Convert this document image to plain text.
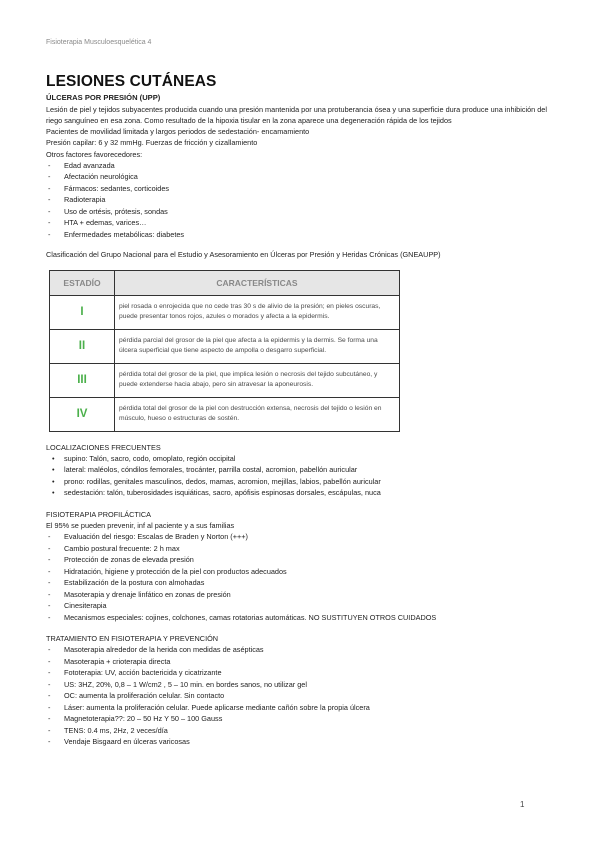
Fisioterapia Musculoesquelética 4
LESIONES CUTÁNEAS
ÚLCERAS POR PRESIÓN (UPP)

Lesión de piel y tejidos subyacentes producida cuando una presión mantenida por una protuberancia ósea y una superficie dura produce una inhibición del riego sanguíneo en esa zona. Como resultado de la hipoxia tisular en la zona aparece una degeneración rápida de los tejidos

Pacientes de movilidad limitada y largos periodos de sedestación- encamamiento

Presión capilar: 6 y 32 mmHg. Fuerzas de fricción y cizallamiento

Otros factores favorecedores:

- Edad avanzada
- Afectación neurológica
- Fármacos: sedantes, corticoides
- Radioterapia
- Uso de ortésis, prótesis, sondas
- HTA + edemas, varices…
- Enfermedades metabólicas: diabetes

Clasificación del Grupo Nacional para el Estudio y Asesoramiento en Úlceras por Presión y Heridas Crónicas (GNEAUPP)

ESTADÍO	CARACTERÍSTICAS
I	piel rosada o enrojecida que no cede tras 30 s de alivio de la presión; en pieles oscuras, puede presentar tonos rojos, azules o morados y afecta a la epidermis.
II	pérdida parcial del grosor de la piel que afecta a la epidermis y la dermis. Se forma una úlcera superficial que tiene aspecto de ampolla o desgarro superficial.
III	pérdida total del grosor de la piel, que implica lesión o necrosis del tejido subcutáneo, y puede extenderse hacia abajo, pero sin atravesar la aponeurosis.
IV	pérdida total del grosor de la piel con destrucción extensa, necrosis del tejido o lesión en músculo, hueso o estructuras de sostén.
LOCALIZACIONES FRECUENTES
• supino: Talón, sacro, codo, omoplato, región occipital
• lateral: maléolos, cóndilos femorales, trocánter, parrilla costal, acromion, pabellón auricular
• prono: rodillas, genitales masculinos, dedos, mamas, acromion, mejillas, labios, pabellón auricular
• sedestación: talón, tuberosidades isquiáticas, sacro, apófisis espinosas dorsales, escápulas, nuca
FISIOTERAPIA PROFILÁCTICA

El 95% se pueden prevenir, inf al paciente y a sus familias

- Evaluación del riesgo: Escalas de Braden y Norton (+++)
- Cambio postural frecuente: 2 h max
- Protección de zonas de elevada presión
- Hidratación, higiene y protección de la piel con productos adecuados
- Estabilización de la postura con almohadas
- Masoterapia y drenaje linfático en zonas de presión
- Cinesiterapia
- Mecanismos especiales: cojines, colchones, camas rotatorias automáticas. NO SUSTITUYEN OTROS CUIDADOS
TRATAMIENTO EN FISIOTERAPIA Y PREVENCIÓN
- Masoterapia alrededor de la herida con medidas de asépticas
- Masoterapia + crioterapia directa
- Fototerapia: UV, acción bactericida y cicatrizante
- US: 3HZ, 20%, 0,8 – 1 W/cm2 , 5 – 10 min. en bordes sanos, no utilizar gel
- OC: aumenta la proliferación celular. Sin contacto
- Láser: aumenta la proliferación celular. Puede aplicarse mediante cañón sobre la propia úlcera
- Magnetoterapia??: 20 – 50 Hz Y 50 – 100 Gauss
- TENS: 0.4 ms, 2Hz, 2 veces/día
- Vendaje Bisgaard en úlceras varicosas
1
